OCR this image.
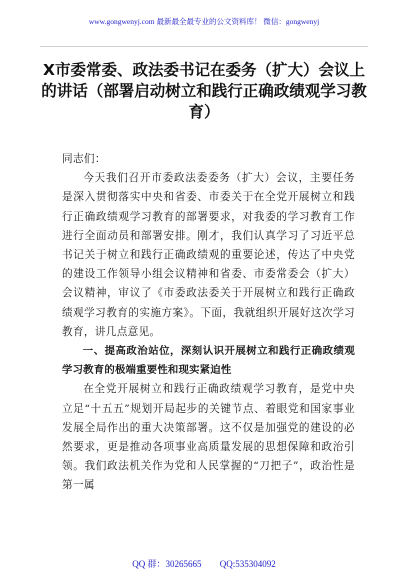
www.gongwenyj.com 最新最全最专业的公文资料库！ 微信：gongwenyj
X市委常委、政法委书记在委务（扩大）会议上的讲话（部署启动树立和践行正确政绩观学习教育）

同志们：

今天我们召开市委政法委委务（扩大）会议，主要任务是深入贯彻落实中央和省委、市委关于在全党开展树立和践行正确政绩观学习教育的部署要求，对我委的学习教育工作进行全面动员和部署安排。刚才，我们认真学习了习近平总书记关于树立和践行正确政绩观的重要论述，传达了中央党的建设工作领导小组会议精神和省委、市委常委会（扩大）会议精神，审议了《市委政法委关于开展树立和践行正确政绩观学习教育的实施方案》。下面，我就组织开展好这次学习教育，讲几点意见。

一、提高政治站位，深刻认识开展树立和践行正确政绩观学习教育的极端重要性和现实紧迫性

在全党开展树立和践行正确政绩观学习教育，是党中央立足“十五五”规划开局起步的关键节点、着眼党和国家事业发展全局作出的重大决策部署。这不仅是加强党的建设的必然要求，更是推动各项事业高质量发展的思想保障和政治引领。我们政法机关作为党和人民掌握的“刀把子”，政治性是第一属

QQ 群：30265665 QQ:535304092
